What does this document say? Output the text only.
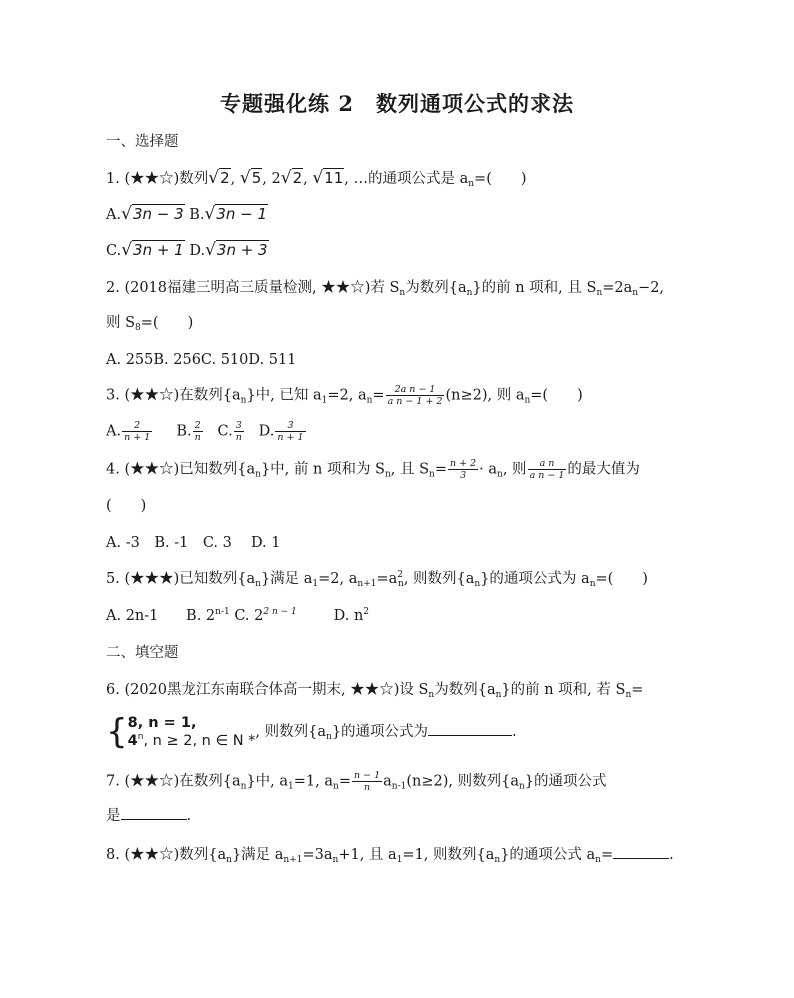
专题强化练 2　数列通项公式的求法
一、选择题
1. (★★☆)数列√2, √5, 2√2, √11, …的通项公式是 $a_n=$(　　)
A.√3n − 3 B.√3n − 1
C.√3n + 1 D.√3n + 3
2. (2018福建三明高三质量检测, ★★☆)若 $S_n$为数列$\{a_n\}$的前 n 项和, 且 $S_n=2a_n-2$,
则 $S_8=$(　　)
A. 255B. 256C. 510D. 511
3. (★★☆)在数列$\{a_n\}$中, 已知 $a_1=2$, $a_n= \frac{\text{2a n − 1}}{\text{a n − 1 + 2}} (n\ge 2)$, 则 $a_n=$(　　)
A. $\frac{2}{n + 1} B$. $\frac{2}{n} C$. $\frac{3}{n} D$. $\frac{3}{n + 1}$
4. (★★☆)已知数列$\{a_n\}$中, 前 n 项和为 $S_n$, 且 $S_n= \frac{n + 2}{3} \cdot a_n$, 则 $\frac{\text{a n}}{\text{a n − 1}}$ 的最大值为
(　　)
A. -3　B. -1　C. 3　 D. 1
5. (★★★)已知数列$\{a_n\}$满足 $a_1=2$, $a_{n+1}=a^2_n$, 则数列$\{a_n\}$的通项公式为 $a_n=$(　　)
A. 2n-1 B. 2$^{n-1}$ C. $2^{2 n - 1}$	D. $n^2$
二、填空题
6. (2020黑龙江东南联合体高一期末, ★★☆)设 $S_n$为数列$\{a_n\}$的前 n 项和, 若 $S_n=$
{8, n = 1,
4$^n$, n ≥ 2, n ∈ N *, 则数列$\{a_n\}$的通项公式为	.
7. (★★☆)在数列$\{a_n\}$中, $a_1=1$, $a_n= \frac{n - 1}{n} a_{n-1}(n\ge 2)$, 则数列$\{a_n\}$的通项公式
是	.
8. (★★☆)数列$\{a_n\}$满足 $a_{n+1}=3a_n+1$, 且 $a_1=1$, 则数列$\{a_n\}$的通项公式 $a_n=$	.
